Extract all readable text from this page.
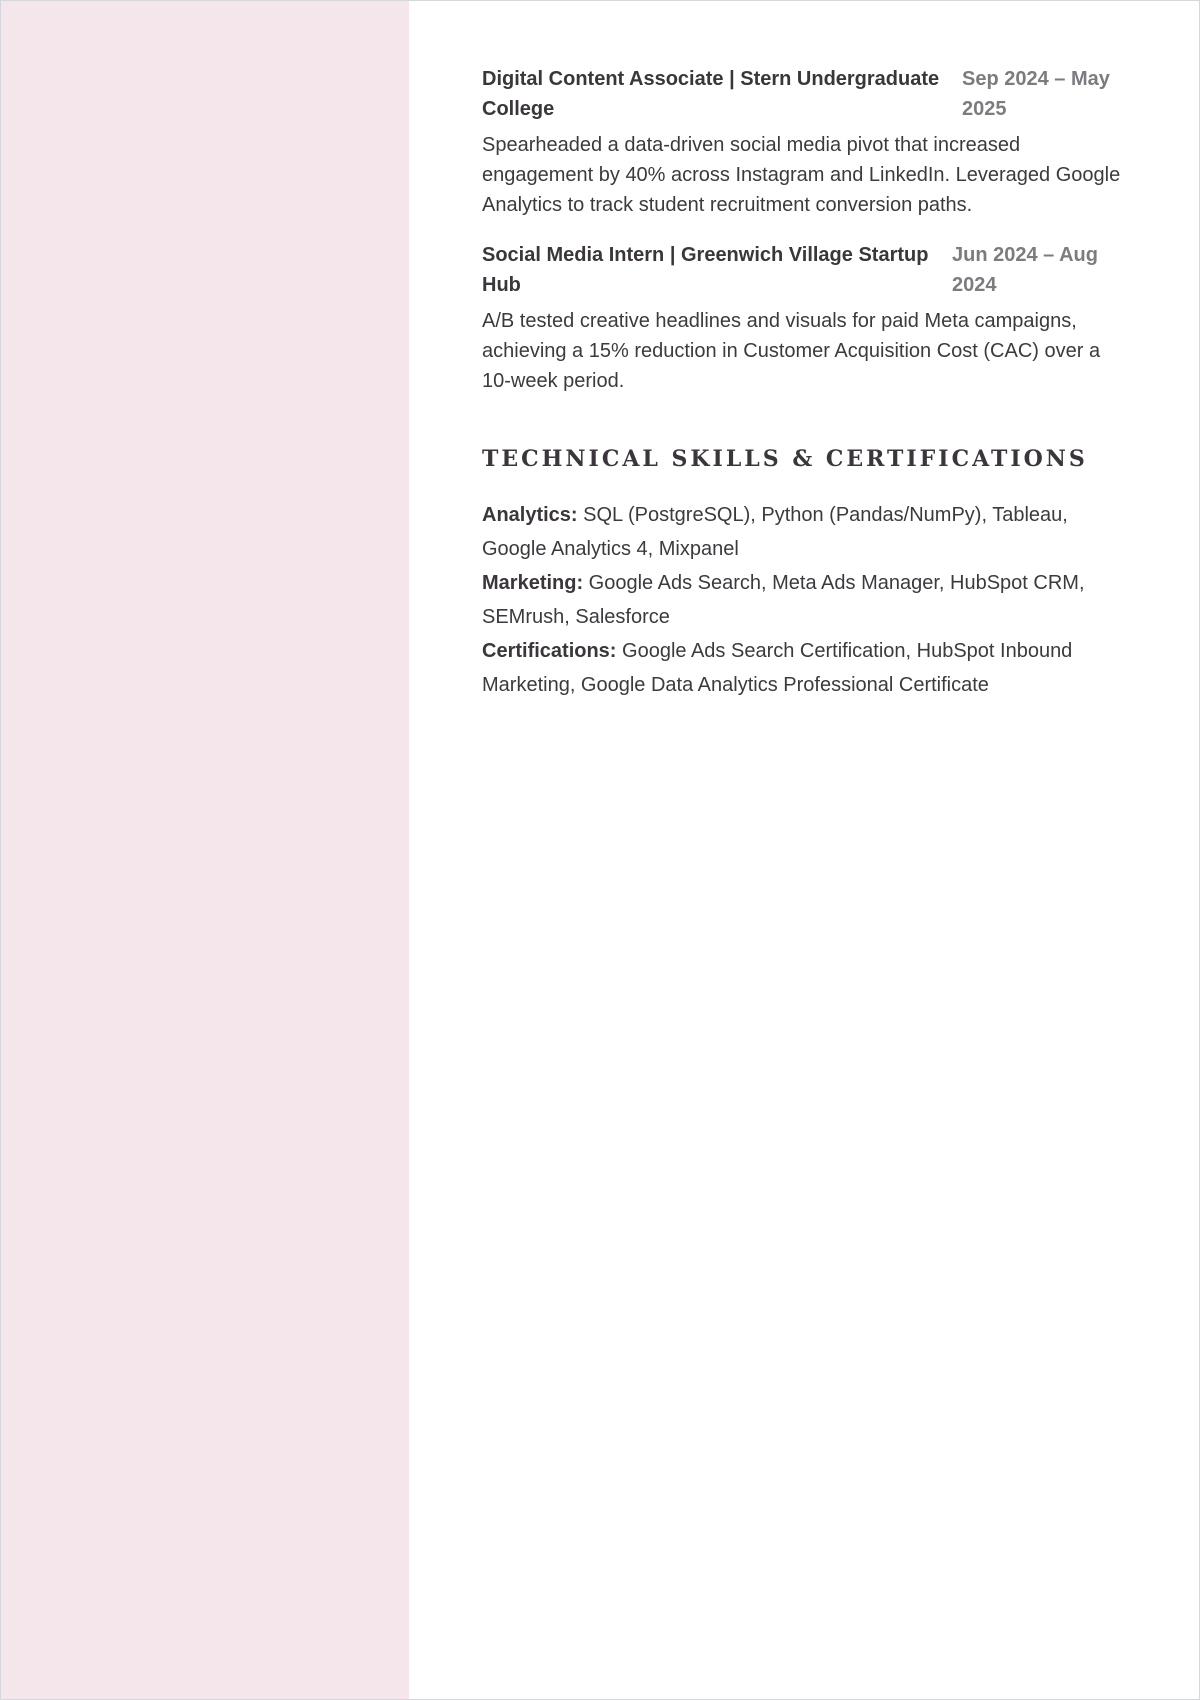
Digital Content Associate | Stern Undergraduate College
Sep 2024 – May 2025
Spearheaded a data-driven social media pivot that increased engagement by 40% across Instagram and LinkedIn. Leveraged Google Analytics to track student recruitment conversion paths.
Social Media Intern | Greenwich Village Startup Hub
Jun 2024 – Aug 2024
A/B tested creative headlines and visuals for paid Meta campaigns, achieving a 15% reduction in Customer Acquisition Cost (CAC) over a 10-week period.
TECHNICAL SKILLS & CERTIFICATIONS
Analytics: SQL (PostgreSQL), Python (Pandas/NumPy), Tableau, Google Analytics 4, Mixpanel
Marketing: Google Ads Search, Meta Ads Manager, HubSpot CRM, SEMrush, Salesforce
Certifications: Google Ads Search Certification, HubSpot Inbound Marketing, Google Data Analytics Professional Certificate
